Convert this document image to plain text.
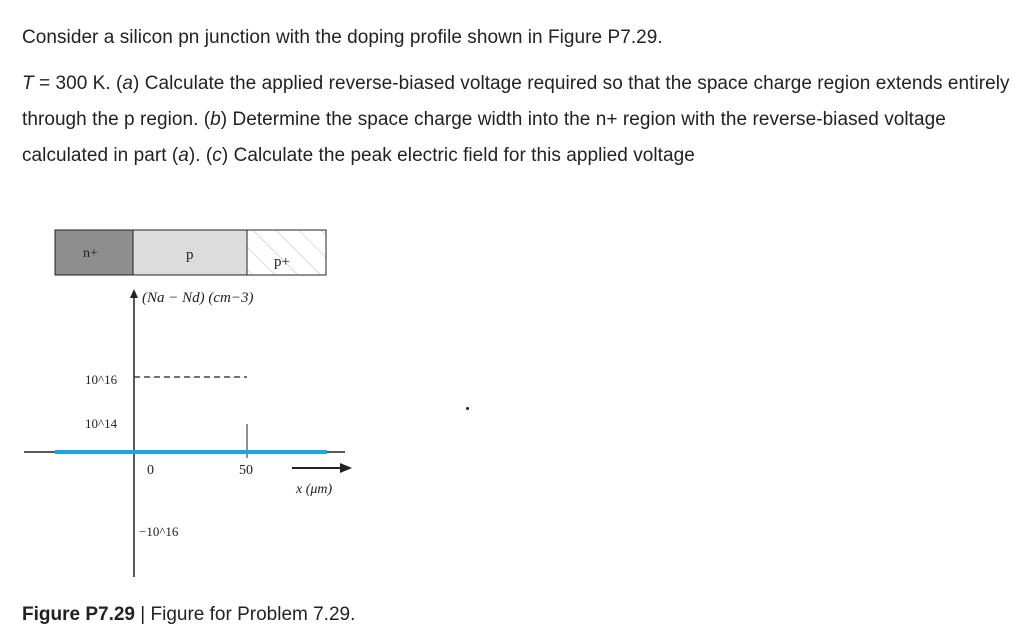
Consider a silicon pn junction with the doping profile shown in Figure P7.29.

T = 300 K. (a) Calculate the applied reverse-biased voltage required so that the space charge region extends entirely through the p region. (b) Determine the space charge width into the n+ region with the reverse-biased voltage calculated in part (a). (c) Calculate the peak electric field for this applied voltage

n+	p	p+
(Na − Nd) (cm−3)
x (μm)
10^16
10^14
−10^16
0	50

Figure P7.29 | Figure for Problem 7.29.
